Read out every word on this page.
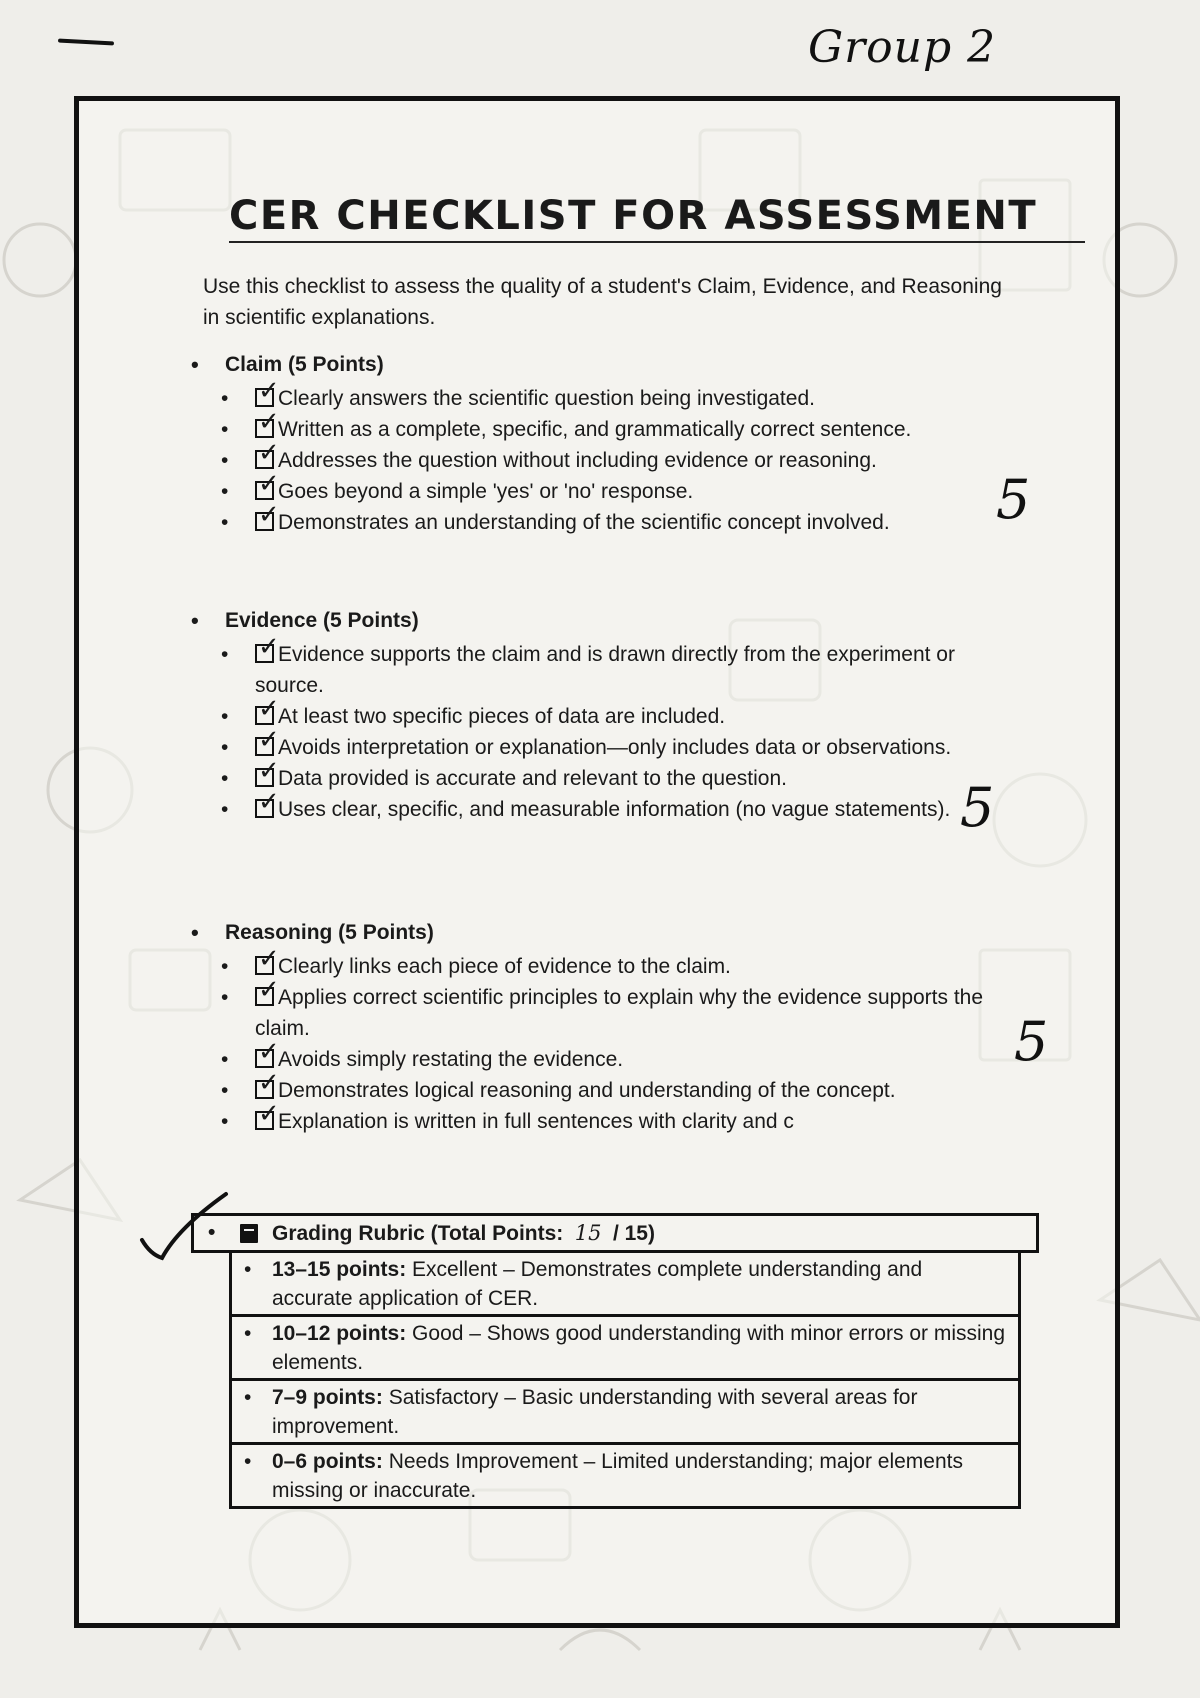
Group 2
CER CHECKLIST FOR ASSESSMENT

Use this checklist to assess the quality of a student's Claim, Evidence, and Reasoning in scientific explanations.

• Claim (5 Points)
✓• Clearly answers the scientific question being investigated.
✓• Written as a complete, specific, and grammatically correct sentence.
✓• Addresses the question without including evidence or reasoning.
✓• Goes beyond a simple 'yes' or 'no' response.
✓• Demonstrates an understanding of the scientific concept involved.
• Evidence (5 Points)
✓• Evidence supports the claim and is drawn directly from the experiment or source.
✓• At least two specific pieces of data are included.
✓• Avoids interpretation or explanation—only includes data or observations.
✓• Data provided is accurate and relevant to the question.
✓• Uses clear, specific, and measurable information (no vague statements).
• Reasoning (5 Points)
✓• Clearly links each piece of evidence to the claim.
✓• Applies correct scientific principles to explain why the evidence supports the claim.
✓• Avoids simply restating the evidence.
✓• Demonstrates logical reasoning and understanding of the concept.
✓• Explanation is written in full sentences with clarity and c
• Grading Rubric (Total Points: 15 / 15)
• 13–15 points: Excellent – Demonstrates complete understanding and accurate application of CER.
• 10–12 points: Good – Shows good understanding with minor errors or missing elements.
• 7–9 points: Satisfactory – Basic understanding with several areas for improvement.
• 0–6 points: Needs Improvement – Limited understanding; major elements missing or inaccurate.
5
5
5
